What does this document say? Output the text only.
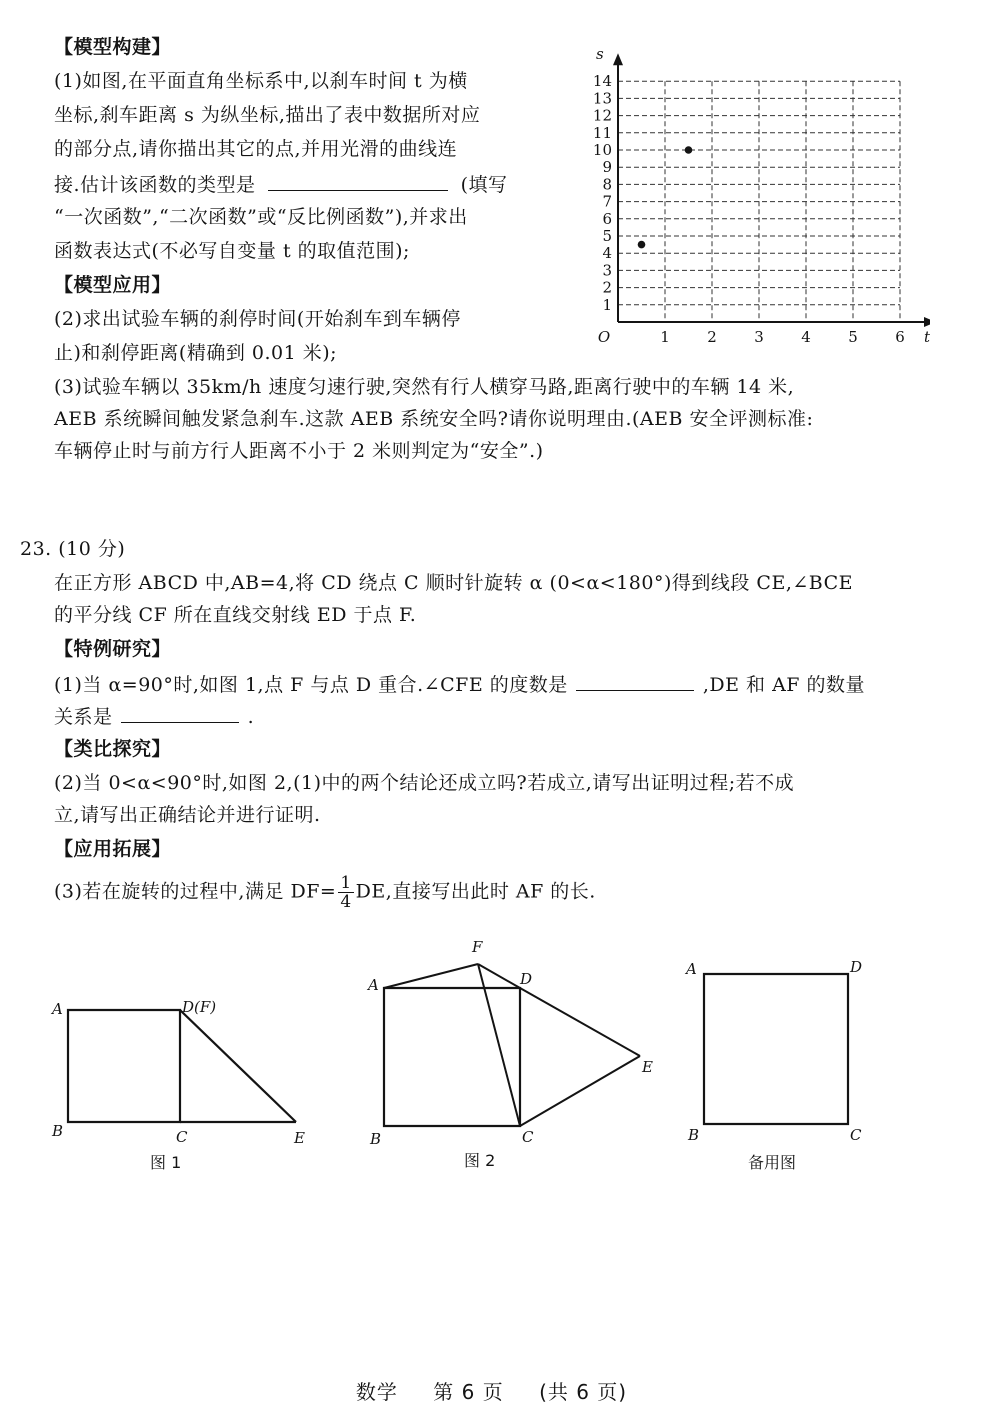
【模型构建】
(1)如图,在平面直角坐标系中,以刹车时间 t 为横
坐标,刹车距离 s 为纵坐标,描出了表中数据所对应
的部分点,请你描出其它的点,并用光滑的曲线连
接.估计该函数的类型是	(填写
“一次函数”,“二次函数”或“反比例函数”),并求出
函数表达式(不必写自变量 t 的取值范围);
【模型应用】
(2)求出试验车辆的刹停时间(开始刹车到车辆停
止)和刹停距离(精确到 0.01 米);
(3)试验车辆以 35km/h 速度匀速行驶,突然有行人横穿马路,距离行驶中的车辆 14 米,
AEB 系统瞬间触发紧急刹车.这款 AEB 系统安全吗?请你说明理由.(AEB 安全评测标准:
车辆停止时与前方行人距离不小于 2 米则判定为“安全”.)
1
2
3
4
5
6
7
8
9
10
11
12
13
14
1 2 3 4 5 6
O	t
s
23. (10 分)
在正方形 ABCD 中,AB=4,将 CD 绕点 C 顺时针旋转 α (0<α<180°)得到线段 CE,∠BCE
的平分线 CF 所在直线交射线 ED 于点 F.
【特例研究】
(1)当 α=90°时,如图 1,点 F 与点 D 重合.∠CFE 的度数是	,DE 和 AF 的数量
关系是	.
【类比探究】
(2)当 0<α<90°时,如图 2,(1)中的两个结论还成立吗?若成立,请写出证明过程;若不成
立,请写出正确结论并进行证明.
【应用拓展】
(3)若在旋转的过程中,满足 $DF= \frac{1}{4}$ DE,直接写出此时 AF 的长.
A	D(F)
B	C	E
图 1
A
F
D
E
B	C
图 2
A	D
B	C
备用图
数学 第 6 页 (共 6 页)
